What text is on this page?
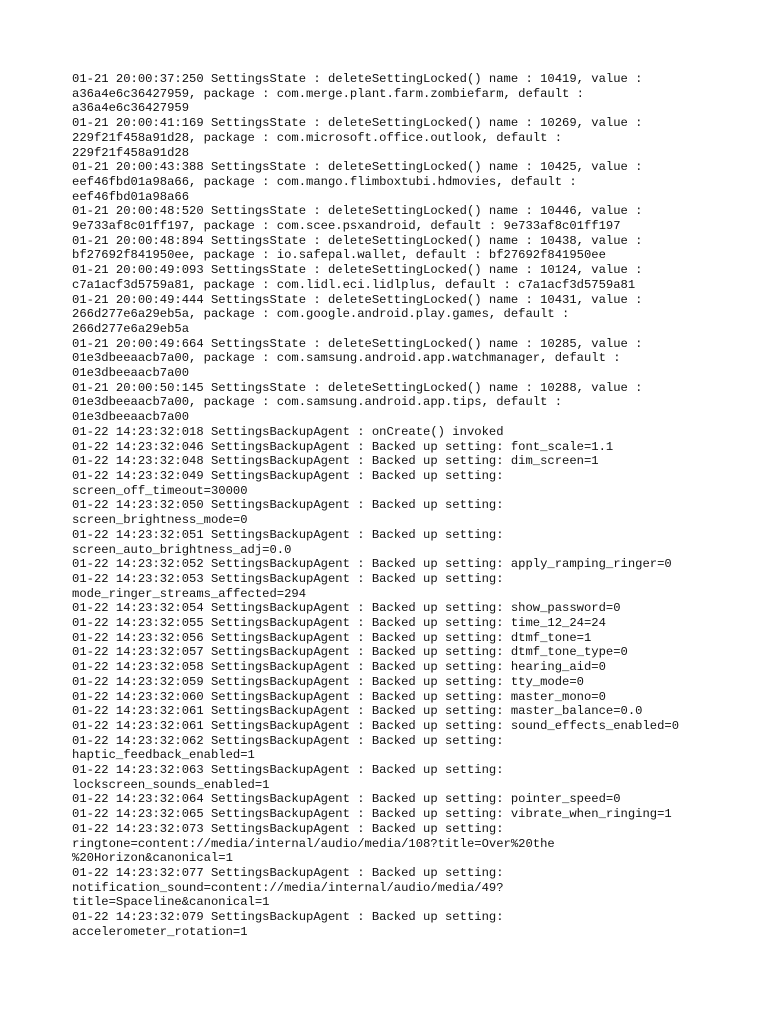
01-21 20:00:37:250 SettingsState : deleteSettingLocked() name : 10419, value :
a36a4e6c36427959, package : com.merge.plant.farm.zombiefarm, default :
a36a4e6c36427959
01-21 20:00:41:169 SettingsState : deleteSettingLocked() name : 10269, value :
229f21f458a91d28, package : com.microsoft.office.outlook, default :
229f21f458a91d28
01-21 20:00:43:388 SettingsState : deleteSettingLocked() name : 10425, value :
eef46fbd01a98a66, package : com.mango.flimboxtubi.hdmovies, default :
eef46fbd01a98a66
01-21 20:00:48:520 SettingsState : deleteSettingLocked() name : 10446, value :
9e733af8c01ff197, package : com.scee.psxandroid, default : 9e733af8c01ff197
01-21 20:00:48:894 SettingsState : deleteSettingLocked() name : 10438, value :
bf27692f841950ee, package : io.safepal.wallet, default : bf27692f841950ee
01-21 20:00:49:093 SettingsState : deleteSettingLocked() name : 10124, value :
c7a1acf3d5759a81, package : com.lidl.eci.lidlplus, default : c7a1acf3d5759a81
01-21 20:00:49:444 SettingsState : deleteSettingLocked() name : 10431, value :
266d277e6a29eb5a, package : com.google.android.play.games, default :
266d277e6a29eb5a
01-21 20:00:49:664 SettingsState : deleteSettingLocked() name : 10285, value :
01e3dbeeaacb7a00, package : com.samsung.android.app.watchmanager, default :
01e3dbeeaacb7a00
01-21 20:00:50:145 SettingsState : deleteSettingLocked() name : 10288, value :
01e3dbeeaacb7a00, package : com.samsung.android.app.tips, default :
01e3dbeeaacb7a00
01-22 14:23:32:018 SettingsBackupAgent : onCreate() invoked
01-22 14:23:32:046 SettingsBackupAgent : Backed up setting: font_scale=1.1
01-22 14:23:32:048 SettingsBackupAgent : Backed up setting: dim_screen=1
01-22 14:23:32:049 SettingsBackupAgent : Backed up setting:
screen_off_timeout=30000
01-22 14:23:32:050 SettingsBackupAgent : Backed up setting:
screen_brightness_mode=0
01-22 14:23:32:051 SettingsBackupAgent : Backed up setting:
screen_auto_brightness_adj=0.0
01-22 14:23:32:052 SettingsBackupAgent : Backed up setting: apply_ramping_ringer=0
01-22 14:23:32:053 SettingsBackupAgent : Backed up setting:
mode_ringer_streams_affected=294
01-22 14:23:32:054 SettingsBackupAgent : Backed up setting: show_password=0
01-22 14:23:32:055 SettingsBackupAgent : Backed up setting: time_12_24=24
01-22 14:23:32:056 SettingsBackupAgent : Backed up setting: dtmf_tone=1
01-22 14:23:32:057 SettingsBackupAgent : Backed up setting: dtmf_tone_type=0
01-22 14:23:32:058 SettingsBackupAgent : Backed up setting: hearing_aid=0
01-22 14:23:32:059 SettingsBackupAgent : Backed up setting: tty_mode=0
01-22 14:23:32:060 SettingsBackupAgent : Backed up setting: master_mono=0
01-22 14:23:32:061 SettingsBackupAgent : Backed up setting: master_balance=0.0
01-22 14:23:32:061 SettingsBackupAgent : Backed up setting: sound_effects_enabled=0
01-22 14:23:32:062 SettingsBackupAgent : Backed up setting:
haptic_feedback_enabled=1
01-22 14:23:32:063 SettingsBackupAgent : Backed up setting:
lockscreen_sounds_enabled=1
01-22 14:23:32:064 SettingsBackupAgent : Backed up setting: pointer_speed=0
01-22 14:23:32:065 SettingsBackupAgent : Backed up setting: vibrate_when_ringing=1
01-22 14:23:32:073 SettingsBackupAgent : Backed up setting:
ringtone=content://media/internal/audio/media/108?title=Over%20the
%20Horizon&canonical=1
01-22 14:23:32:077 SettingsBackupAgent : Backed up setting:
notification_sound=content://media/internal/audio/media/49?
title=Spaceline&canonical=1
01-22 14:23:32:079 SettingsBackupAgent : Backed up setting:
accelerometer_rotation=1
